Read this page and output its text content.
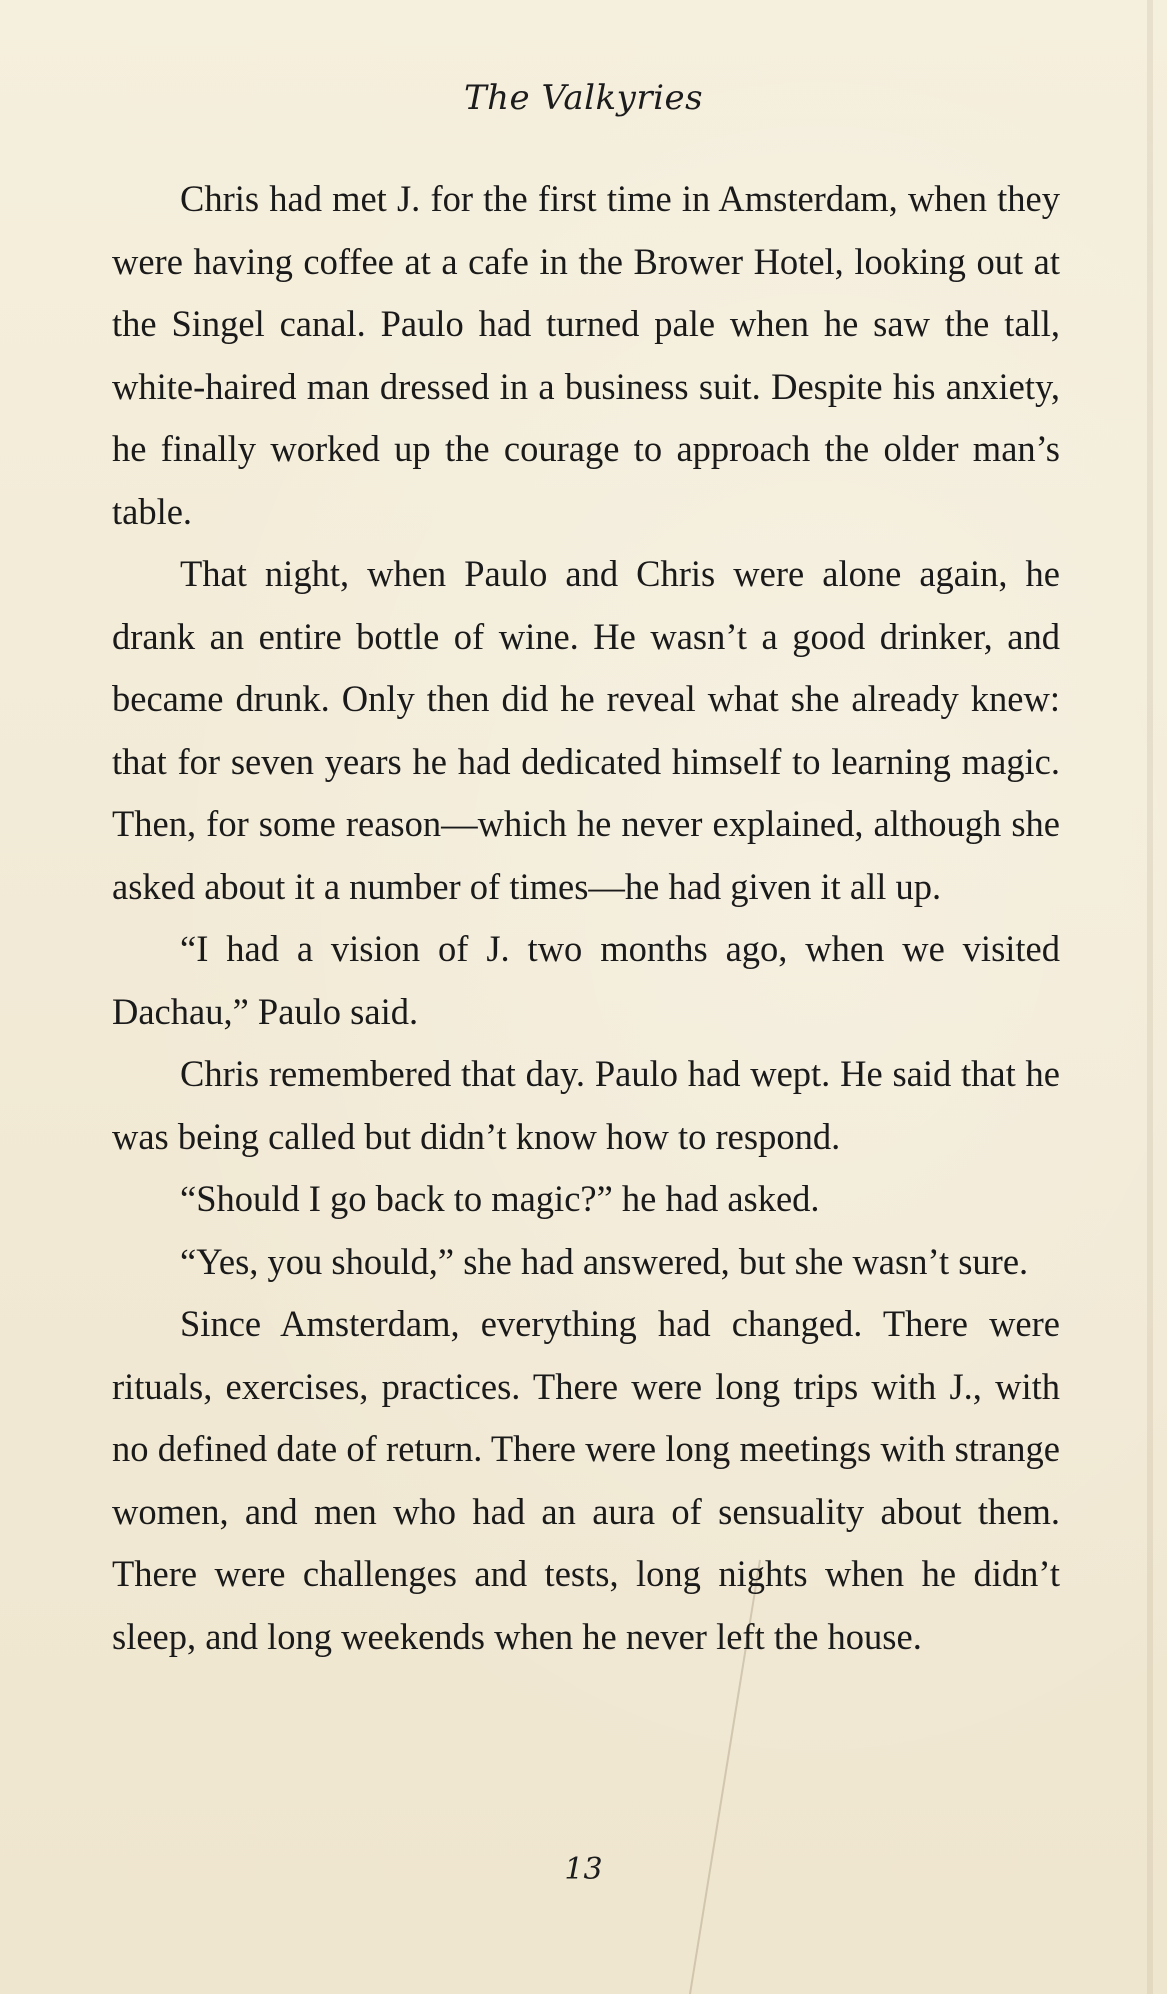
The Valkyries

Chris had met J. for the first time in Amsterdam, when they were having coffee at a cafe in the Brower Hotel, looking out at the Singel canal. Paulo had turned pale when he saw the tall, white-haired man dressed in a business suit. Despite his anxiety, he finally worked up the courage to approach the older man’s table.

That night, when Paulo and Chris were alone again, he drank an entire bottle of wine. He wasn’t a good drinker, and became drunk. Only then did he reveal what she already knew: that for seven years he had dedicated himself to learning magic. Then, for some reason—which he never explained, although she asked about it a number of times—he had given it all up.

“I had a vision of J. two months ago, when we visited Dachau,” Paulo said.

Chris remembered that day. Paulo had wept. He said that he was being called but didn’t know how to respond.

“Should I go back to magic?” he had asked.

“Yes, you should,” she had answered, but she wasn’t sure.

Since Amsterdam, everything had changed. There were rituals, exercises, practices. There were long trips with J., with no defined date of return. There were long meetings with strange women, and men who had an aura of sensuality about them. There were challenges and tests, long nights when he didn’t sleep, and long weekends when he never left the house.

13
